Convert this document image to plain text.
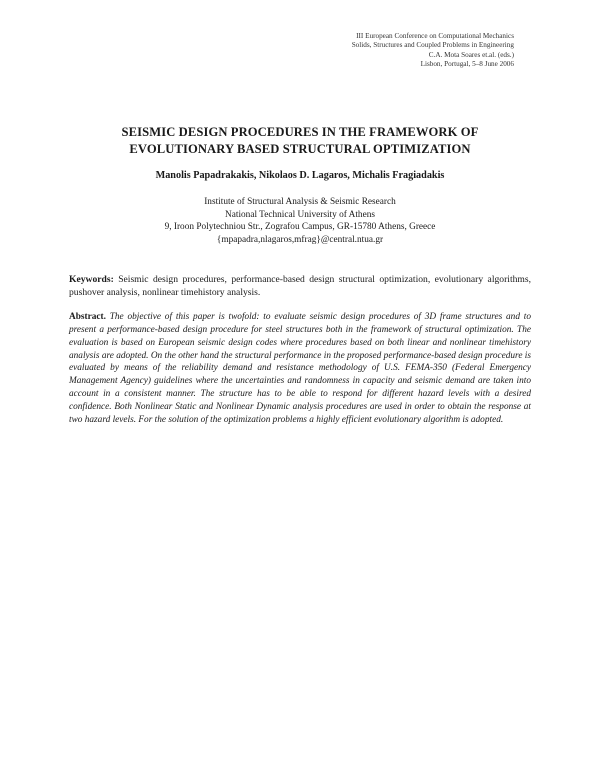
III European Conference on Computational Mechanics
Solids, Structures and Coupled Problems in Engineering
C.A. Mota Soares et.al. (eds.)
Lisbon, Portugal, 5–8 June 2006
SEISMIC DESIGN PROCEDURES IN THE FRAMEWORK OF
EVOLUTIONARY BASED STRUCTURAL OPTIMIZATION
Manolis Papadrakakis, Nikolaos D. Lagaros, Michalis Fragiadakis
Institute of Structural Analysis & Seismic Research
National Technical University of Athens
9, Iroon Polytechniou Str., Zografou Campus, GR-15780 Athens, Greece
{mpapadra,nlagaros,mfrag}@central.ntua.gr
Keywords: Seismic design procedures, performance-based design structural optimization, evolutionary algorithms, pushover analysis, nonlinear timehistory analysis.
Abstract. The objective of this paper is twofold: to evaluate seismic design procedures of 3D frame structures and to present a performance-based design procedure for steel structures both in the framework of structural optimization. The evaluation is based on European seismic design codes where procedures based on both linear and nonlinear timehistory analysis are adopted. On the other hand the structural performance in the proposed performance-based design procedure is evaluated by means of the reliability demand and resistance methodology of U.S. FEMA-350 (Federal Emergency Management Agency) guidelines where the uncertainties and randomness in capacity and seismic demand are taken into account in a consistent manner. The structure has to be able to respond for different hazard levels with a desired confidence. Both Nonlinear Static and Nonlinear Dynamic analysis procedures are used in order to obtain the response at two hazard levels. For the solution of the optimization problems a highly efficient evolutionary algorithm is adopted.
